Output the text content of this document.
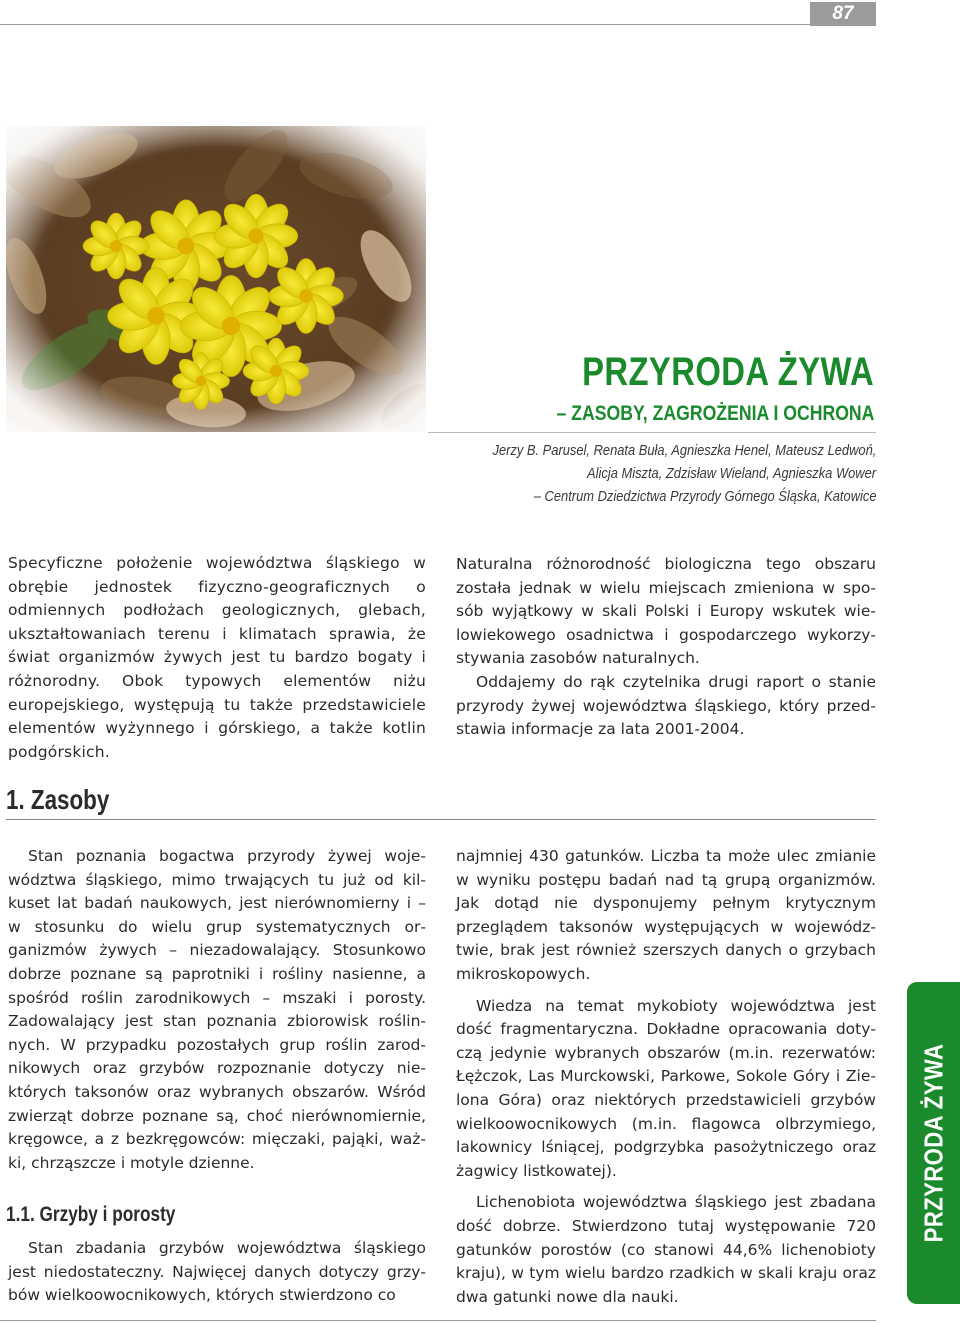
87
PRZYRODA ŻYWA
– ZASOBY, ZAGROŻENIA I OCHRONA
Jerzy B. Parusel, Renata Buła, Agnieszka Henel, Mateusz Ledwoń,
Alicja Miszta, Zdzisław Wieland, Agnieszka Wower
– Centrum Dziedzictwa Przyrody Górnego Śląska, Katowice

Specyficzne położenie województwa śląskiego w obrębie jednostek fizyczno-geograficznych o odmiennych podłożach geologicznych, glebach, ukształtowaniach terenu i klimatach sprawia, że świat organizmów żywych jest tu bardzo bogaty i różnorodny. Obok typowych elementów niżu europejskiego, występują tu także przedstawiciele elementów wyżynnego i górskiego, a także kotlin podgórskich.

Naturalna różnorodność biologiczna tego obszaru została jednak w wielu miejscach zmieniona w sposób wyjątkowy w skali Polski i Europy wskutek wielowiekowego osadnictwa i gospodarczego wykorzystywania zasobów naturalnych.

Oddajemy do rąk czytelnika drugi raport o stanie przyrody żywej województwa śląskiego, który przedstawia informacje za lata 2001-2004.

1. Zasoby

Stan poznania bogactwa przyrody żywej województwa śląskiego, mimo trwających tu już od kilkuset lat badań naukowych, jest nierównomierny i – w stosunku do wielu grup systematycznych organizmów żywych – niezadowalający. Stosunkowo dobrze poznane są paprotniki i rośliny nasienne, a spośród roślin zarodnikowych – mszaki i porosty. Zadowalający jest stan poznania zbiorowisk roślinnych. W przypadku pozostałych grup roślin zarodnikowych oraz grzybów rozpoznanie dotyczy niektórych taksonów oraz wybranych obszarów. Wśród zwierząt dobrze poznane są, choć nierównomiernie, kręgowce, a z bezkręgowców: mięczaki, pająki, ważki, chrząszcze i motyle dzienne.

najmniej 430 gatunków. Liczba ta może ulec zmianie w wyniku postępu badań nad tą grupą organizmów. Jak dotąd nie dysponujemy pełnym krytycznym przeglądem taksonów występujących w województwie, brak jest również szerszych danych o grzybach mikroskopowych.

Wiedza na temat mykobioty województwa jest dość fragmentaryczna. Dokładne opracowania dotyczą jedynie wybranych obszarów (m.in. rezerwatów: Łężczok, Las Murckowski, Parkowe, Sokole Góry i Zielona Góra) oraz niektórych przedstawicieli grzybów wielkoowocnikowych (m.in. flagowca olbrzymiego, lakownicy lśniącej, podgrzybka pasożytniczego oraz żagwicy listkowatej).

Lichenobiota województwa śląskiego jest zbadana dość dobrze. Stwierdzono tutaj występowanie 720 gatunków porostów (co stanowi 44,6% lichenobioty kraju), w tym wielu bardzo rzadkich w skali kraju oraz dwa gatunki nowe dla nauki.

1.1. Grzyby i porosty

Stan zbadania grzybów województwa śląskiego jest niedostateczny. Najwięcej danych dotyczy grzybów wielkoowocnikowych, których stwierdzono co

PRZYRODA ŻYWA
